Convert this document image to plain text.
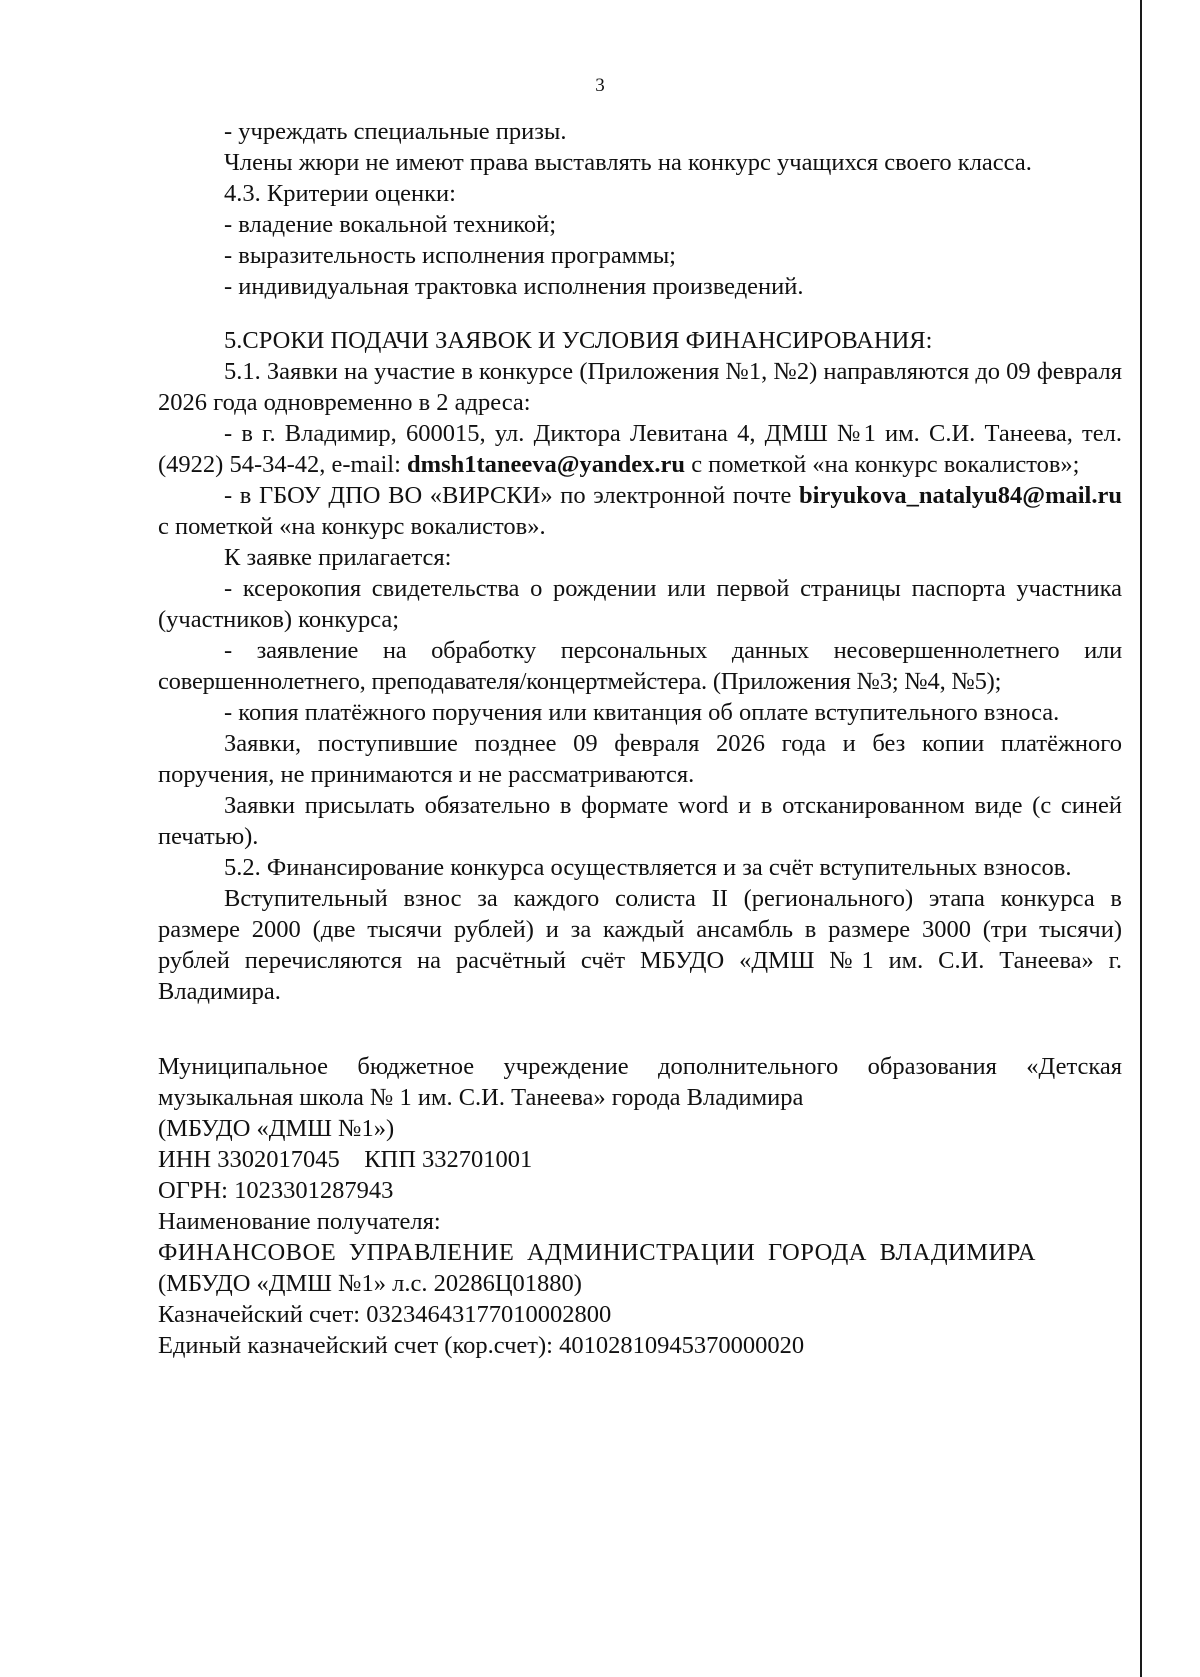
3

- учреждать специальные призы.

Члены жюри не имеют права выставлять на конкурс учащихся своего класса.

4.3. Критерии оценки:

- владение вокальной техникой;

- выразительность исполнения программы;

- индивидуальная трактовка исполнения произведений.

5.СРОКИ ПОДАЧИ ЗАЯВОК И УСЛОВИЯ ФИНАНСИРОВАНИЯ:

5.1. Заявки на участие в конкурсе (Приложения №1, №2) направляются до 09 февраля 2026 года одновременно в 2 адреса:

- в г. Владимир, 600015, ул. Диктора Левитана 4, ДМШ №1 им. С.И. Танеева, тел.(4922) 54-34-42, e-mail: dmsh1taneeva@yandex.ru с пометкой «на конкурс вокалистов»;

- в ГБОУ ДПО ВО «ВИРСКИ» по электронной почте biryukova_natalyu84@mail.ru с пометкой «на конкурс вокалистов».

К заявке прилагается:

- ксерокопия свидетельства о рождении или первой страницы паспорта участника (участников) конкурса;

- заявление на обработку персональных данных несовершеннолетнего или совершеннолетнего, преподавателя/концертмейстера. (Приложения №3; №4, №5);

- копия платёжного поручения или квитанция об оплате вступительного взноса.

Заявки, поступившие позднее 09 февраля 2026 года и без копии платёжного поручения, не принимаются и не рассматриваются.

Заявки присылать обязательно в формате word и в отсканированном виде (с синей печатью).

5.2. Финансирование конкурса осуществляется и за счёт вступительных взносов.

Вступительный взнос за каждого солиста II (регионального) этапа конкурса в размере 2000 (две тысячи рублей) и за каждый ансамбль в размере 3000 (три тысячи) рублей перечисляются на расчётный счёт МБУДО «ДМШ №1 им. С.И. Танеева» г. Владимира.

Муниципальное бюджетное учреждение дополнительного образования «Детская музыкальная школа № 1 им. С.И. Танеева» города Владимира

(МБУДО «ДМШ №1»)

ИНН 3302017045    КПП 332701001

ОГРН: 1023301287943

Наименование получателя:

ФИНАНСОВОЕ УПРАВЛЕНИЕ АДМИНИСТРАЦИИ ГОРОДА ВЛАДИМИРА

(МБУДО «ДМШ №1» л.с. 20286Ц01880)

Казначейский счет: 03234643177010002800

Единый казначейский счет (кор.счет): 40102810945370000020
